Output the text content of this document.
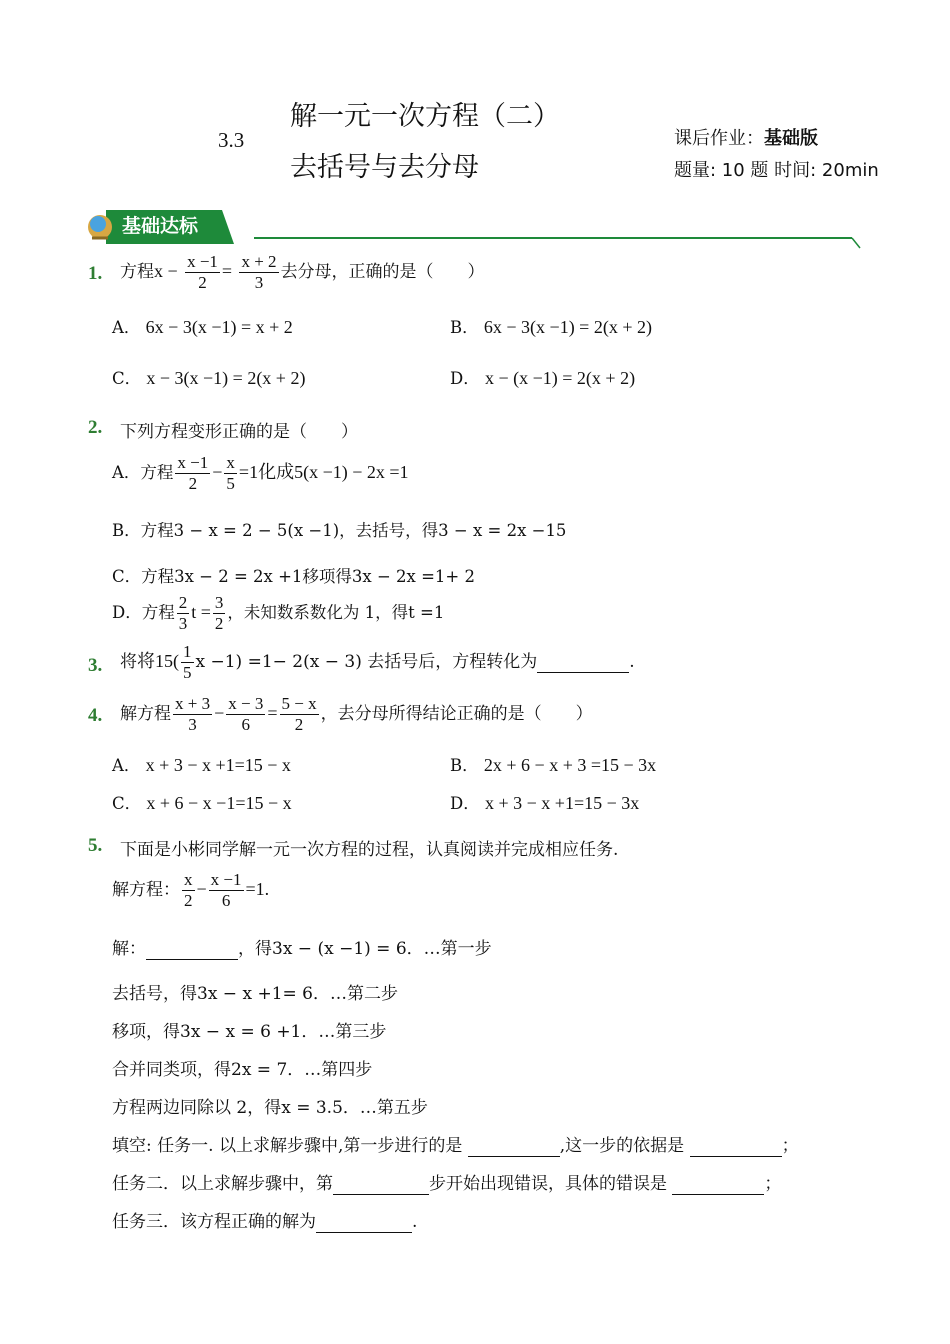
3.3
解一元一次方程（二）
去括号与去分母
课后作业：基础版
题量: 10 题 时间: 20min
基础达标
1. 方程$x - \frac{x -1}{2} = \frac{x + 2}{3}$ 去分母，正确的是（　　）
A． 6x − 3(x −1) = x + 2	B． 6x − 3(x −1) = 2(x + 2)
C． x − 3(x −1) = 2(x + 2)	D． x − (x −1) = 2(x + 2)
2. 下列方程变形正确的是（　　）
A．方程 $\frac{x -1}{2} - \frac{x}{5} =1$化成5(x −1) − 2x =1
B．方程3 − x = 2 − 5(x −1)，去括号，得3 − x = 2x −15
C．方程3x − 2 = 2x +1移项得3x − 2x =1+ 2
D．方程 $\frac{2}{3}$ $t = \frac{3}{2}$ ，未知数系数化为 1，得t =1
3. 将将$15( \frac{1}{5}$ x −1) =1− 2(x − 3) 去括号后，方程转化为	.
4. 解方程 $\frac{x + 3}{3} - \frac{x - 3}{6} = \frac{5 - x}{2}$ ，去分母所得结论正确的是（　　）
A． x + 3 − x +1=15 − x	B． 2x + 6 − x + 3 =15 − 3x
C． x + 6 − x −1=15 − x	D． x + 3 − x +1=15 − 3x
5. 下面是小彬同学解一元一次方程的过程，认真阅读并完成相应任务.
解方程： $\frac{x}{2} - \frac{x -1}{6} =1$.
解：	，得3x − (x −1) = 6．…第一步
去括号，得3x − x +1= 6．…第二步
移项，得3x − x = 6 +1．…第三步
合并同类项，得2x = 7．…第四步
方程两边同除以 2，得x = 3.5．…第五步
填空: 任务一. 以上求解步骤中,第一步进行的是	,这一步的依据是	；
任务二．以上求解步骤中，第	步开始出现错误，具体的错误是	；
任务三．该方程正确的解为	.
